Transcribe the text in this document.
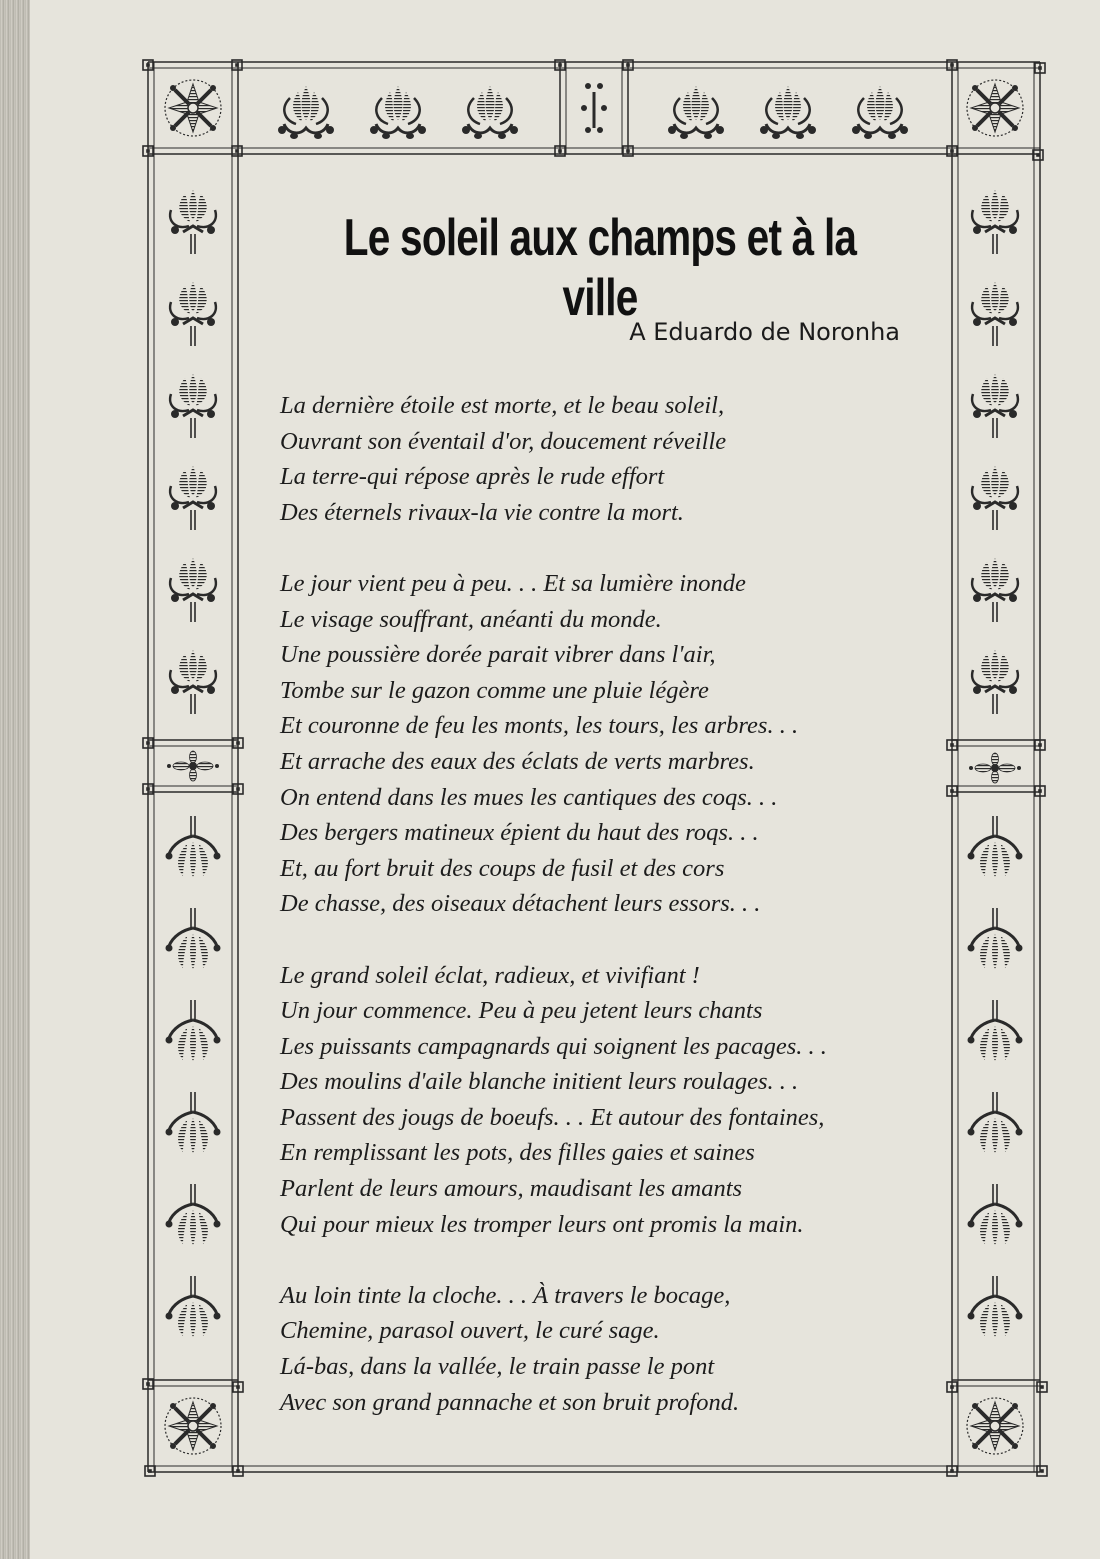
Le soleil aux champs et à la ville
A Eduardo de Noronha
La dernière étoile est morte, et le beau soleil,
Ouvrant son éventail d'or, doucement réveille
La terre-qui répose après le rude effort
Des éternels rivaux-la vie contre la mort.
Le jour vient peu à peu. . . Et sa lumière inonde
Le visage souffrant, anéanti du monde.
Une poussière dorée parait vibrer dans l'air,
Tombe sur le gazon comme une pluie légère
Et couronne de feu les monts, les tours, les arbres. . .
Et arrache des eaux des éclats de verts marbres.
On entend dans les mues les cantiques des coqs. . .
Des bergers matineux épient du haut des roqs. . .
Et, au fort bruit des coups de fusil et des cors
De chasse, des oiseaux détachent leurs essors. . .
Le grand soleil éclat, radieux, et vivifiant !
Un jour commence. Peu à peu jetent leurs chants
Les puissants campagnards qui soignent les pacages. . .
Des moulins d'aile blanche initient leurs roulages. . .
Passent des jougs de boeufs. . . Et autour des fontaines,
En remplissant les pots, des filles gaies et saines
Parlent de leurs amours, maudisant les amants
Qui pour mieux les tromper leurs ont promis la main.
Au loin tinte la cloche. . . À travers le bocage,
Chemine, parasol ouvert, le curé sage.
Lá-bas, dans la vallée, le train passe le pont
Avec son grand pannache et son bruit profond.
